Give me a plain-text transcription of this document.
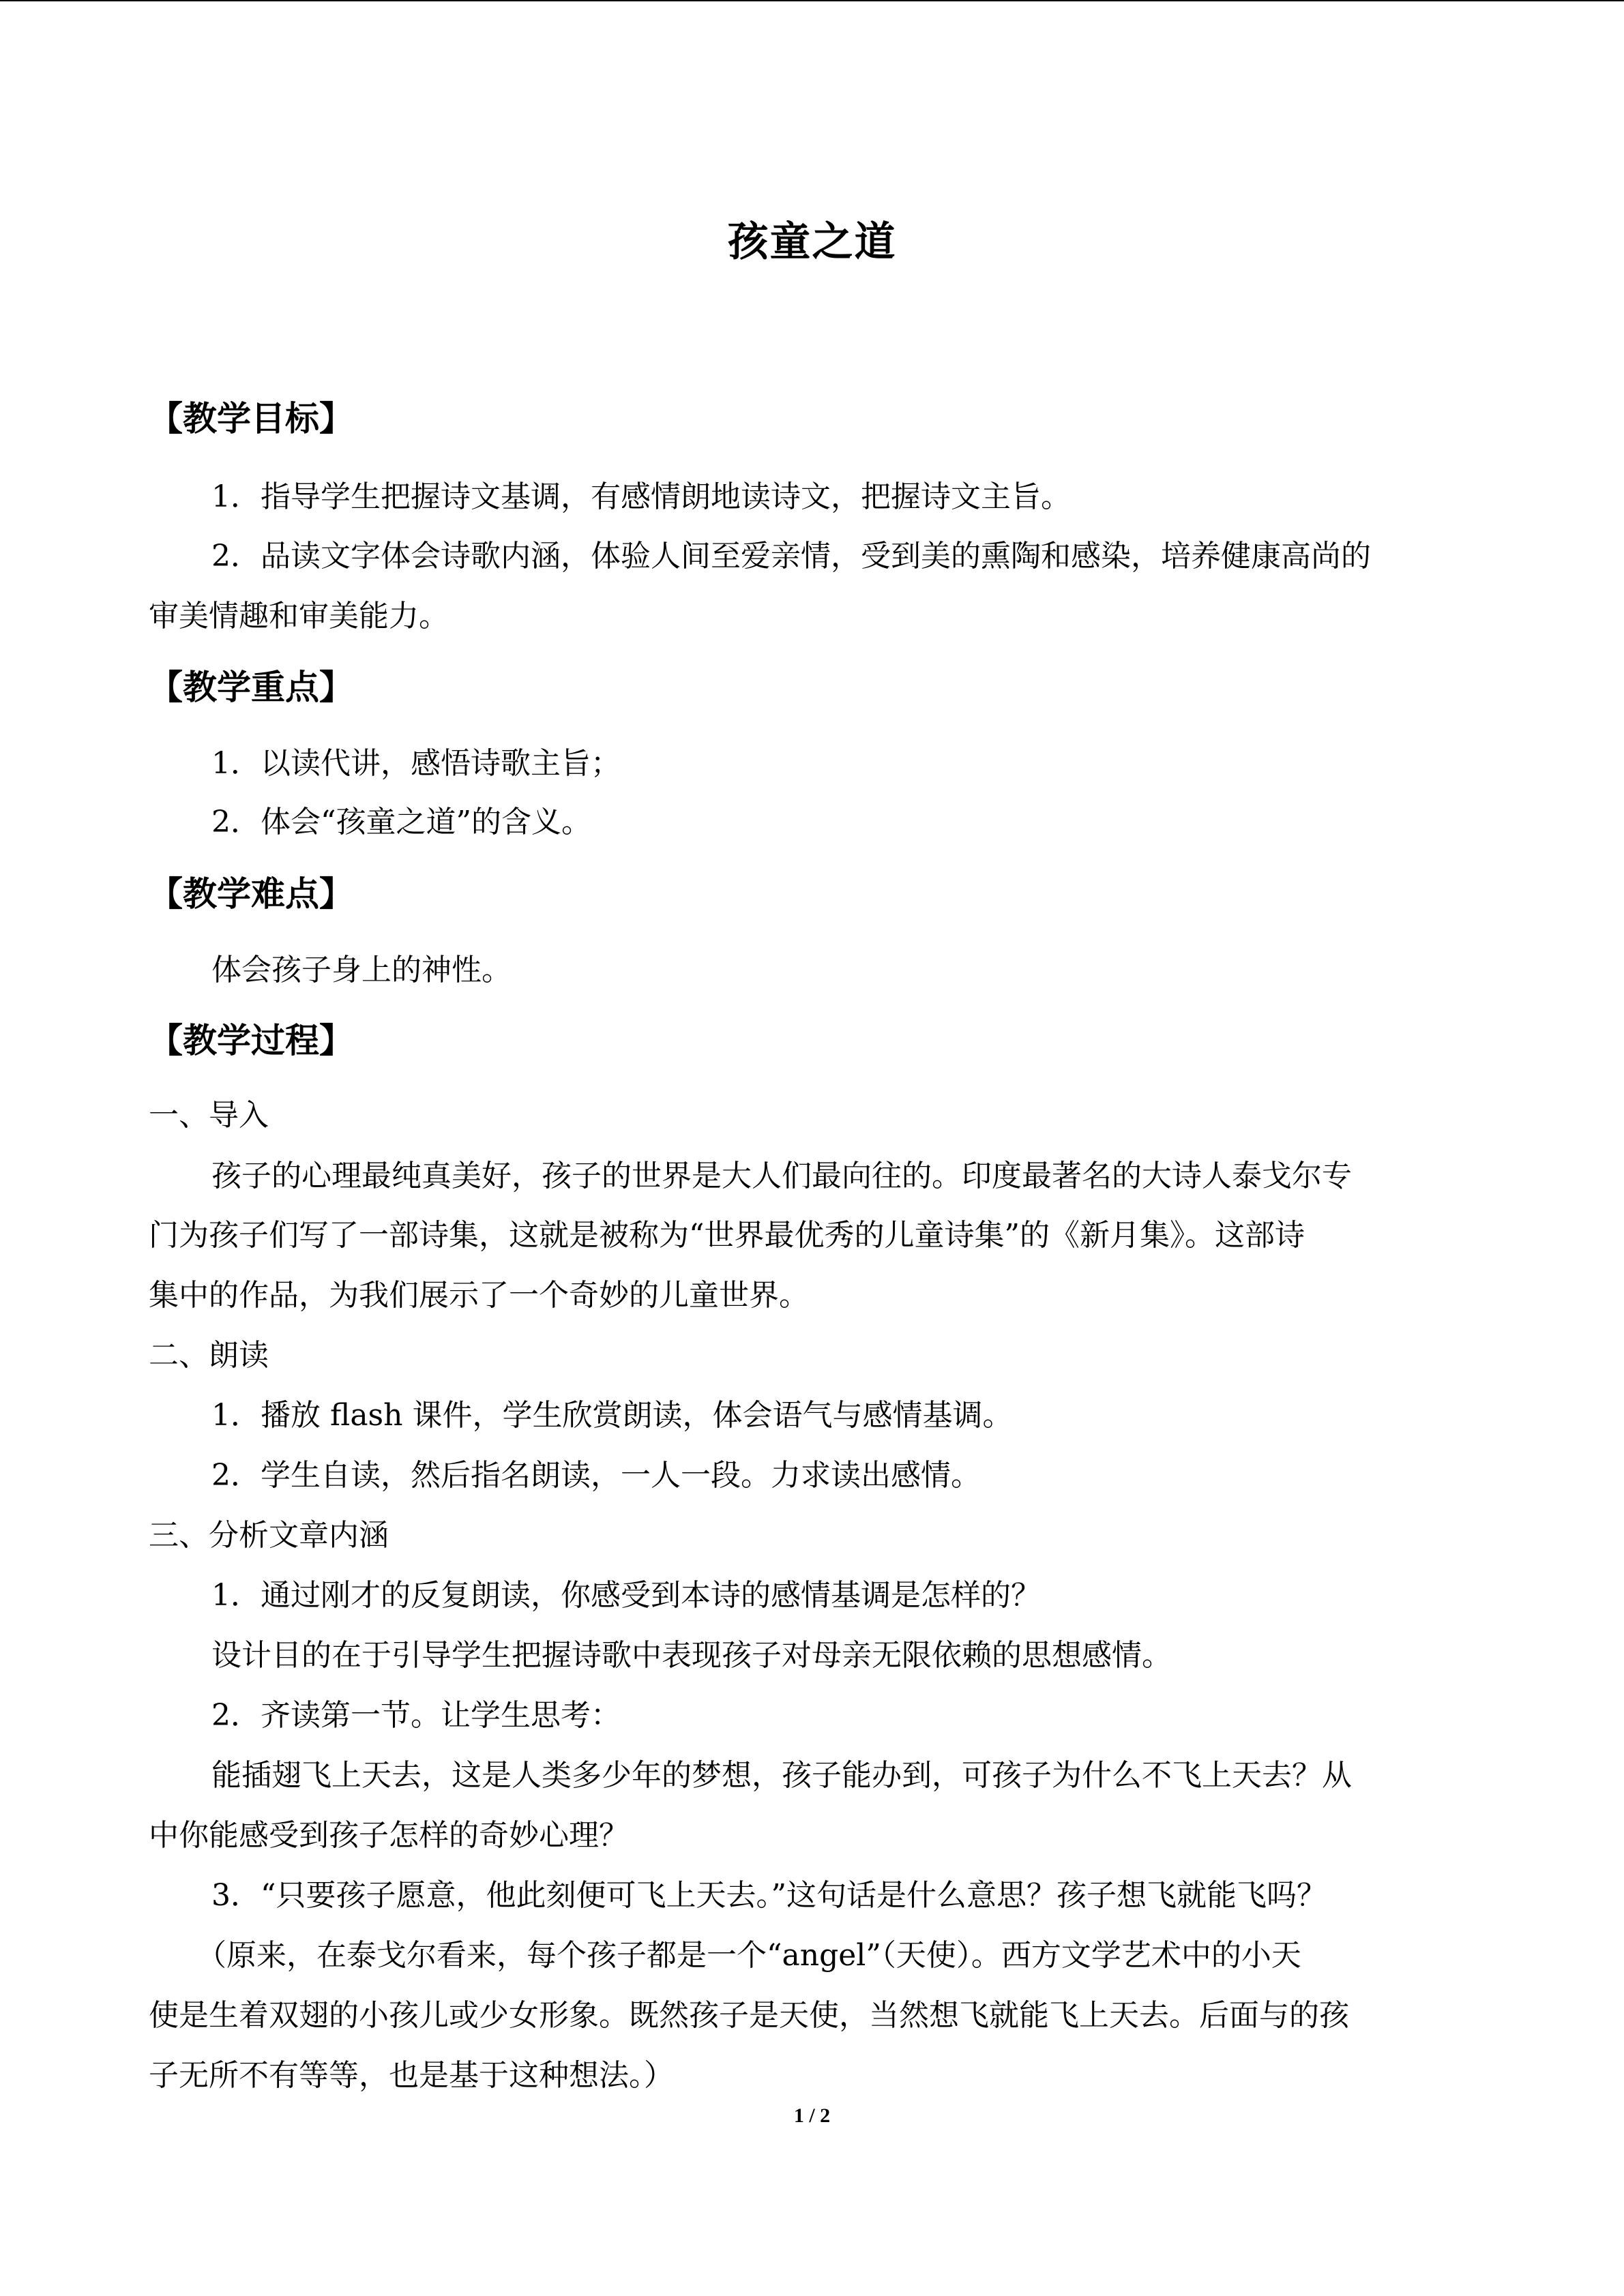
孩童之道
【教学目标】
1．指导学生把握诗文基调，有感情朗地读诗文，把握诗文主旨。
2．品读文字体会诗歌内涵，体验人间至爱亲情，受到美的熏陶和感染，培养健康高尚的
审美情趣和审美能力。
【教学重点】
1．以读代讲，感悟诗歌主旨；
2．体会“孩童之道”的含义。
【教学难点】
体会孩子身上的神性。
【教学过程】
一、导入
孩子的心理最纯真美好，孩子的世界是大人们最向往的。印度最著名的大诗人泰戈尔专
门为孩子们写了一部诗集，这就是被称为“世界最优秀的儿童诗集”的《新月集》。这部诗
集中的作品，为我们展示了一个奇妙的儿童世界。
二、朗读
1．播放 flash 课件，学生欣赏朗读，体会语气与感情基调。
2．学生自读，然后指名朗读，一人一段。力求读出感情。
三、分析文章内涵
1．通过刚才的反复朗读，你感受到本诗的感情基调是怎样的？
设计目的在于引导学生把握诗歌中表现孩子对母亲无限依赖的思想感情。
2．齐读第一节。让学生思考：
能插翅飞上天去，这是人类多少年的梦想，孩子能办到，可孩子为什么不飞上天去？从
中你能感受到孩子怎样的奇妙心理？
3．“只要孩子愿意，他此刻便可飞上天去。”这句话是什么意思？孩子想飞就能飞吗？
（原来，在泰戈尔看来，每个孩子都是一个“angel”（天使）。西方文学艺术中的小天
使是生着双翅的小孩儿或少女形象。既然孩子是天使，当然想飞就能飞上天去。后面与的孩
子无所不有等等，也是基于这种想法。）
1 / 2
